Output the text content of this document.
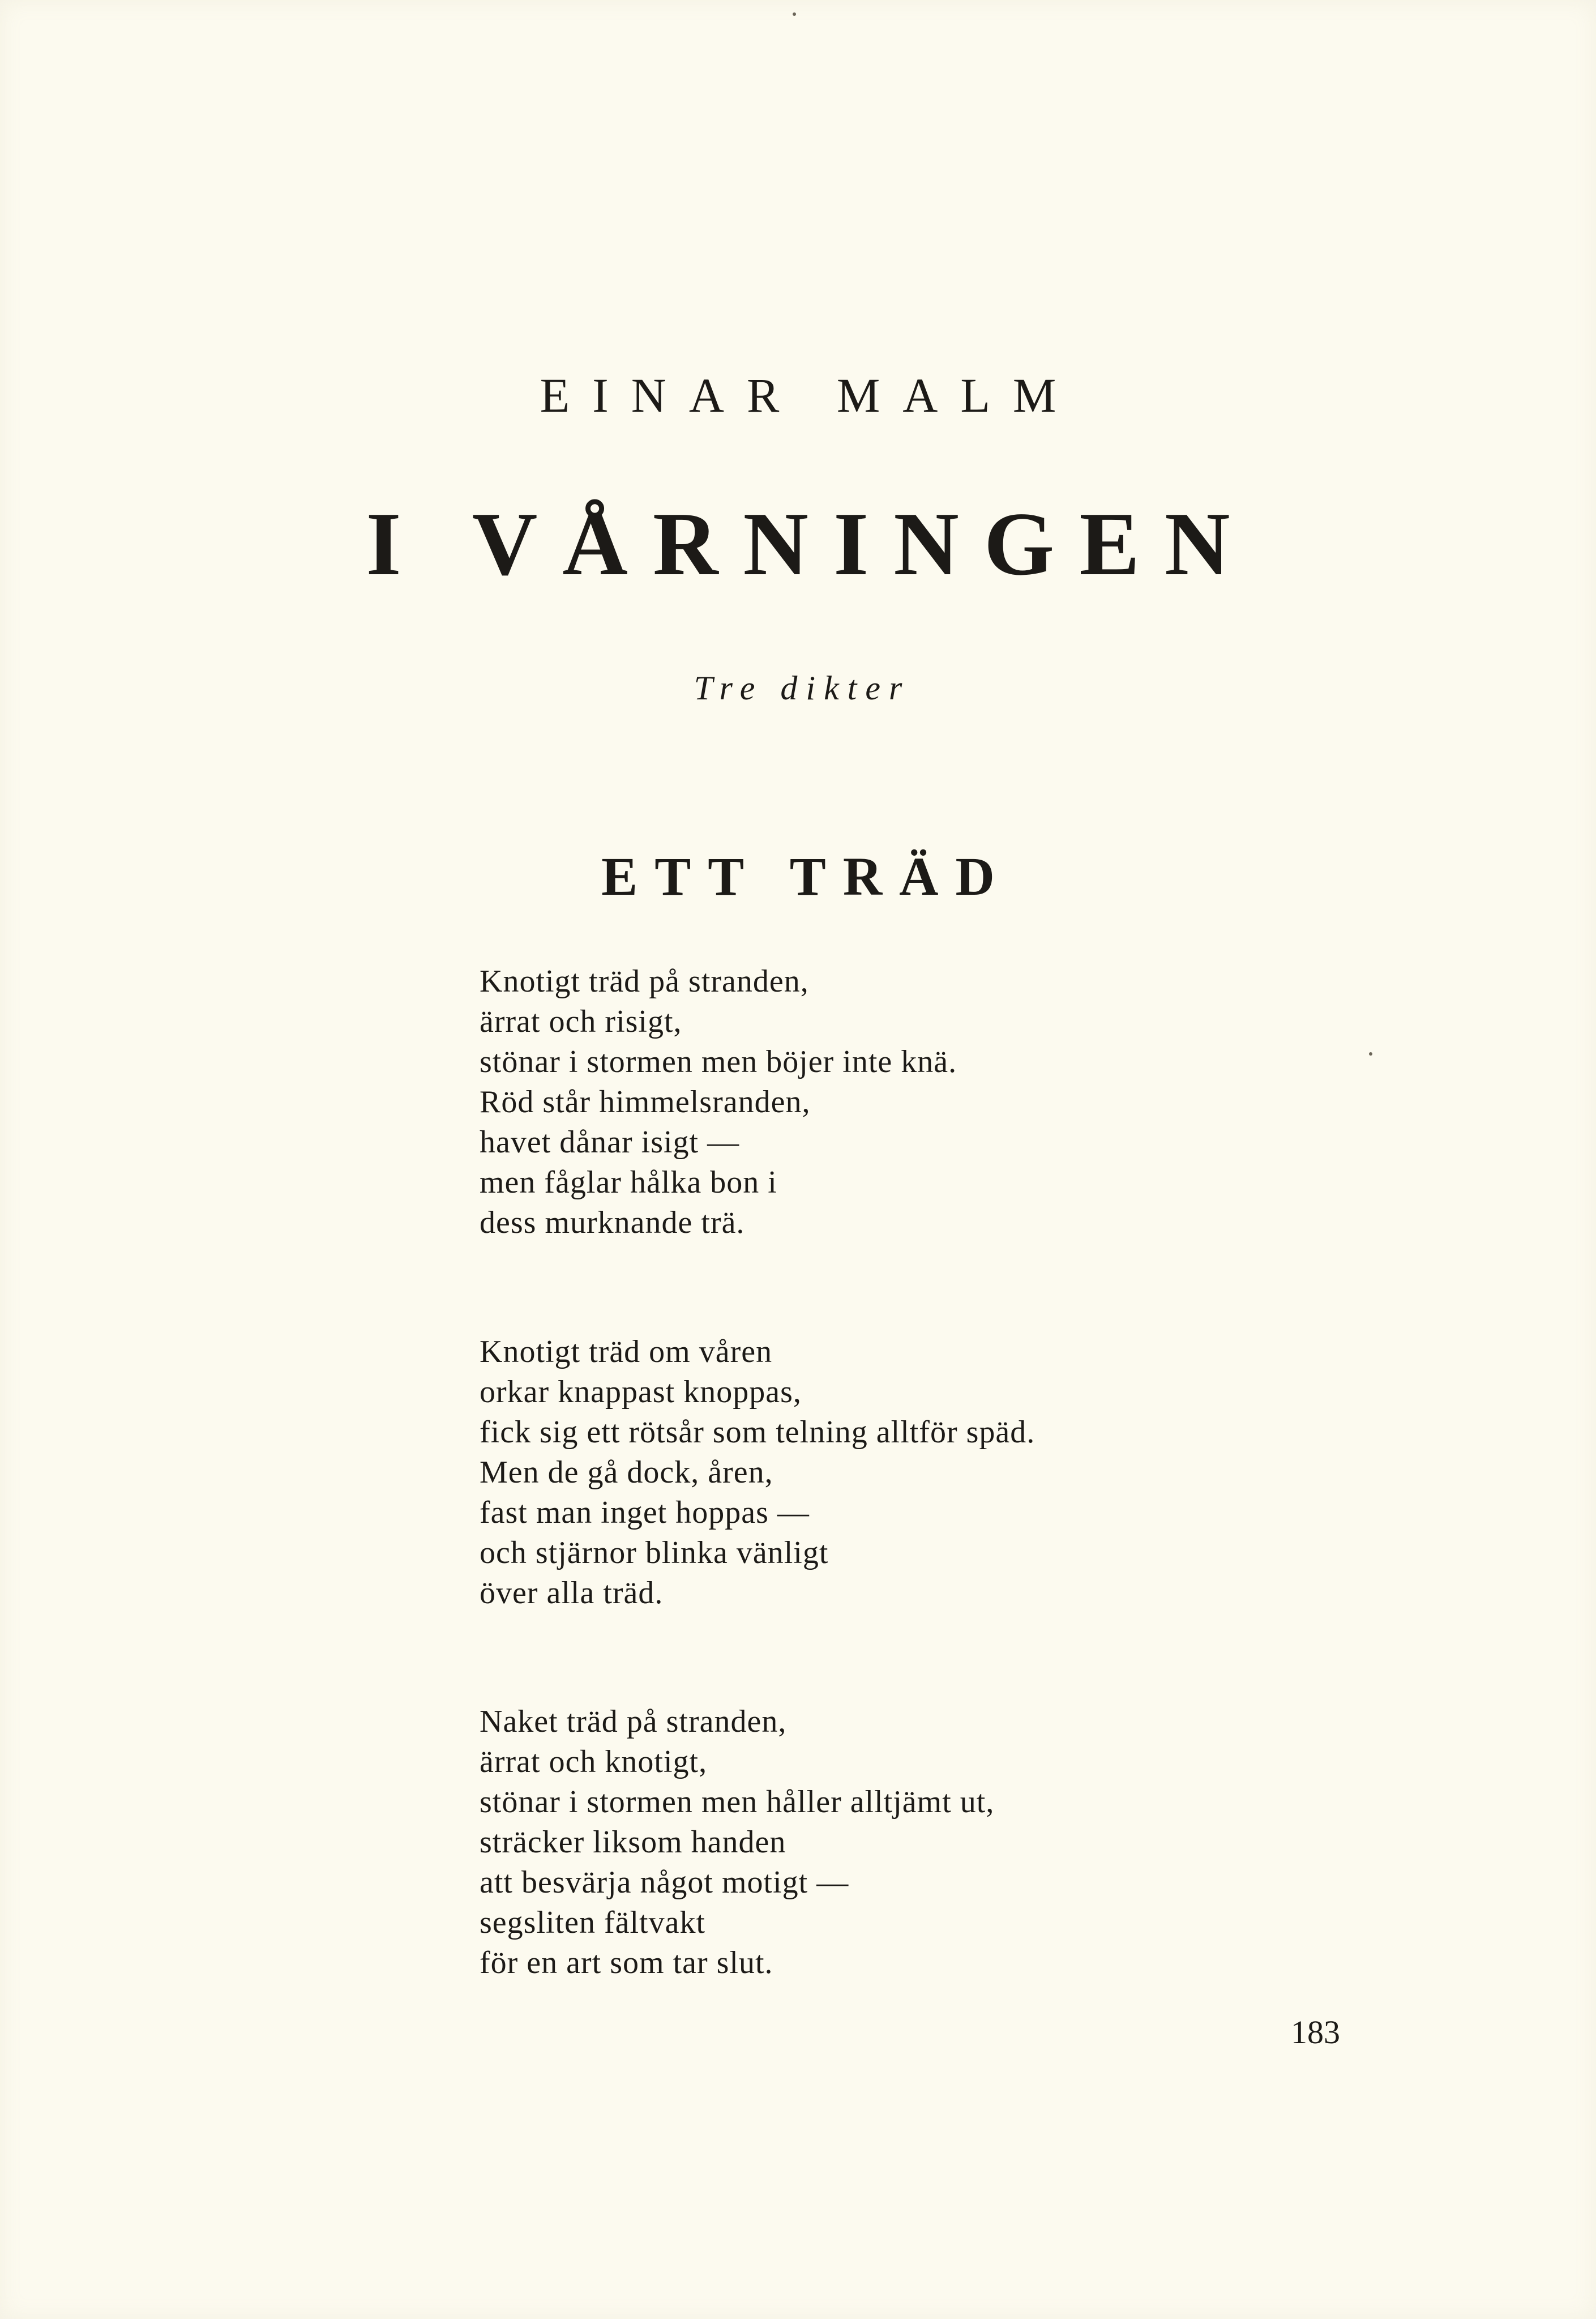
EINAR MALM
I VÅRNINGEN

Tre dikter

ETT TRÄD
Knotigt träd på stranden,
ärrat och risigt,
stönar i stormen men böjer inte knä.
Röd står himmelsranden,
havet dånar isigt —
men fåglar hålka bon i
dess murknande trä.
Knotigt träd om våren
orkar knappast knoppas,
fick sig ett rötsår som telning alltför späd.
Men de gå dock, åren,
fast man inget hoppas —
och stjärnor blinka vänligt
över alla träd.
Naket träd på stranden,
ärrat och knotigt,
stönar i stormen men håller alltjämt ut,
sträcker liksom handen
att besvärja något motigt —
segsliten fältvakt
för en art som tar slut.

183
